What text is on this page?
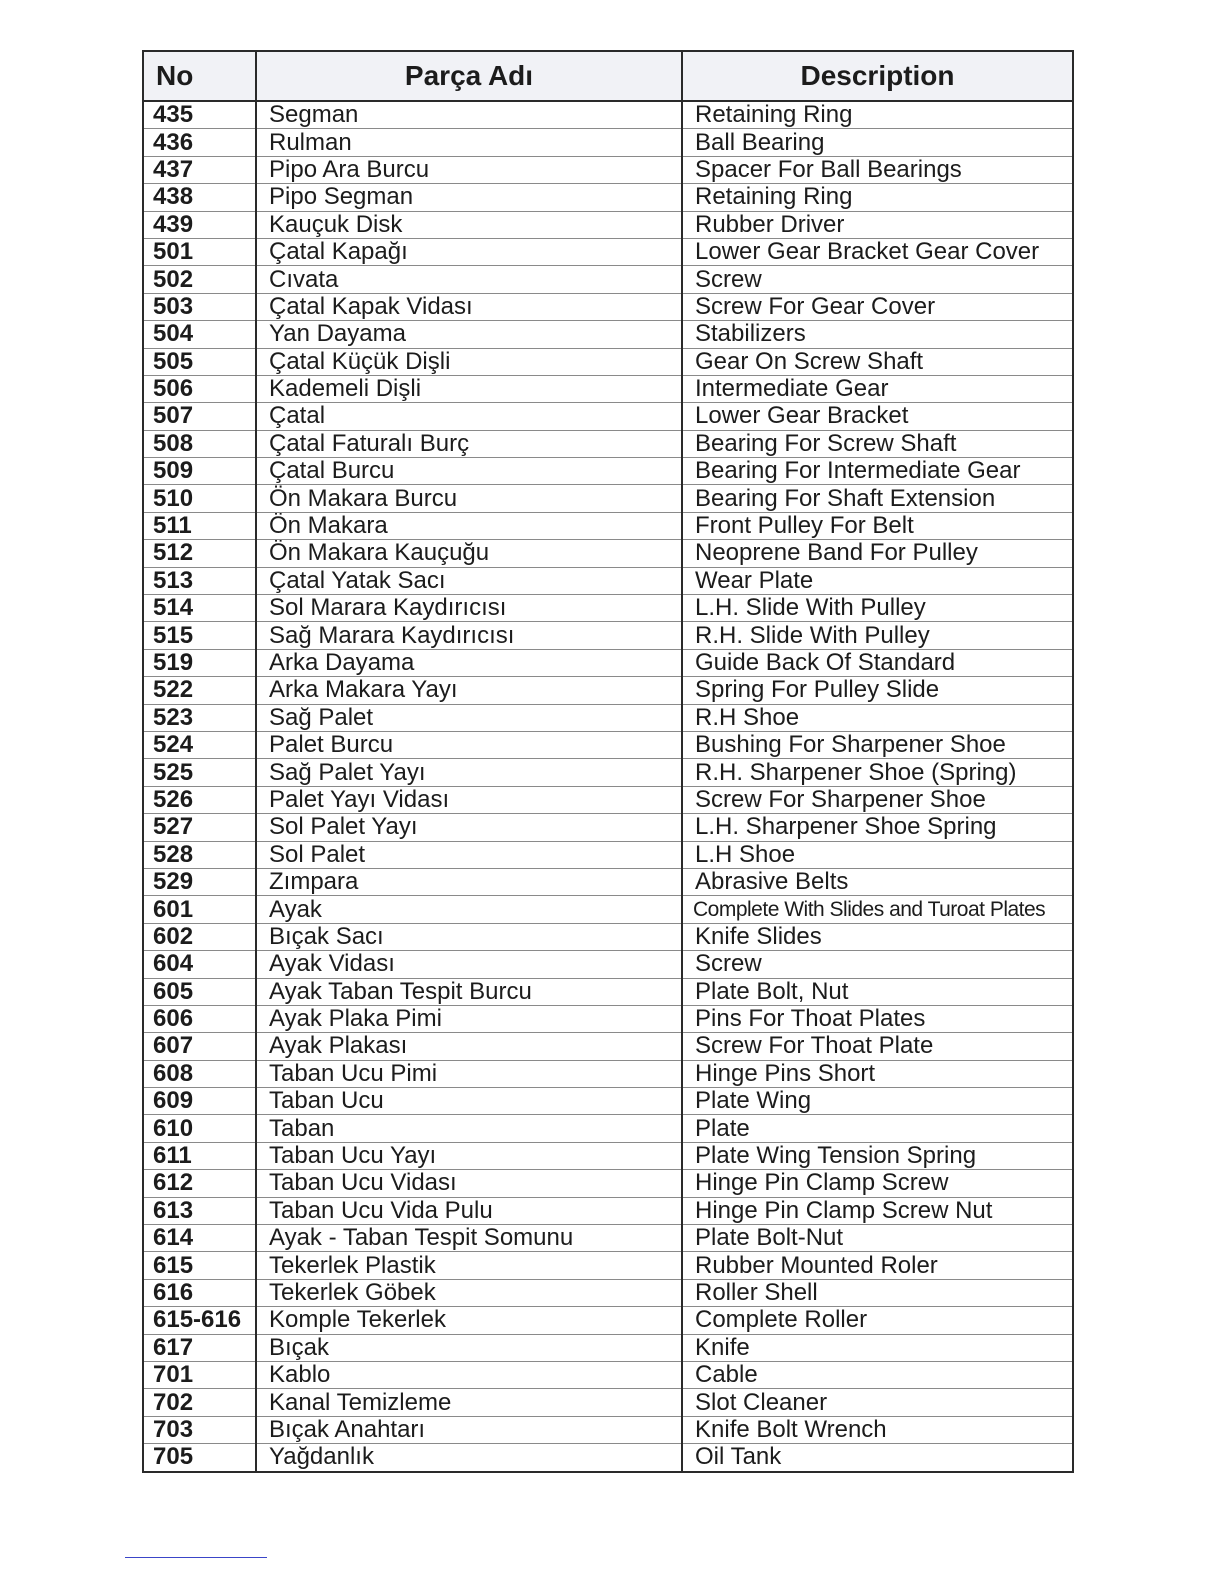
No	Parça Adı	Description
435	Segman	Retaining Ring
436	Rulman	Ball Bearing
437	Pipo Ara Burcu	Spacer For Ball Bearings
438	Pipo Segman	Retaining Ring
439	Kauçuk Disk	Rubber Driver
501	Çatal Kapağı	Lower Gear Bracket Gear Cover
502	Cıvata	Screw
503	Çatal Kapak Vidası	Screw For Gear Cover
504	Yan Dayama	Stabilizers
505	Çatal Küçük Dişli	Gear On Screw Shaft
506	Kademeli Dişli	Intermediate Gear
507	Çatal	Lower Gear Bracket
508	Çatal Faturalı Burç	Bearing For Screw Shaft
509	Çatal Burcu	Bearing For Intermediate Gear
510	Ön Makara Burcu	Bearing For Shaft Extension
511	Ön Makara	Front Pulley For Belt
512	Ön Makara Kauçuğu	Neoprene Band For Pulley
513	Çatal Yatak Sacı	Wear Plate
514	Sol Marara Kaydırıcısı	L.H. Slide With Pulley
515	Sağ Marara Kaydırıcısı	R.H. Slide With Pulley
519	Arka Dayama	Guide Back Of Standard
522	Arka Makara Yayı	Spring For Pulley Slide
523	Sağ Palet	R.H Shoe
524	Palet Burcu	Bushing For Sharpener Shoe
525	Sağ Palet Yayı	R.H. Sharpener Shoe (Spring)
526	Palet Yayı Vidası	Screw For Sharpener Shoe
527	Sol Palet Yayı	L.H. Sharpener Shoe Spring
528	Sol Palet	L.H Shoe
529	Zımpara	Abrasive Belts
601	Ayak	Complete With Slides and Turoat Plates
602	Bıçak Sacı	Knife Slides
604	Ayak Vidası	Screw
605	Ayak Taban Tespit Burcu	Plate Bolt, Nut
606	Ayak Plaka Pimi	Pins For Thoat Plates
607	Ayak Plakası	Screw For Thoat Plate
608	Taban Ucu Pimi	Hinge Pins Short
609	Taban Ucu	Plate Wing
610	Taban	Plate
611	Taban Ucu Yayı	Plate Wing Tension Spring
612	Taban Ucu Vidası	Hinge Pin Clamp Screw
613	Taban Ucu Vida Pulu	Hinge Pin Clamp Screw Nut
614	Ayak - Taban Tespit Somunu	Plate Bolt-Nut
615	Tekerlek Plastik	Rubber Mounted Roler
616	Tekerlek Göbek	Roller Shell
615-616	Komple Tekerlek	Complete Roller
617	Bıçak	Knife
701	Kablo	Cable
702	Kanal Temizleme	Slot Cleaner
703	Bıçak Anahtarı	Knife Bolt Wrench
705	Yağdanlık	Oil Tank
